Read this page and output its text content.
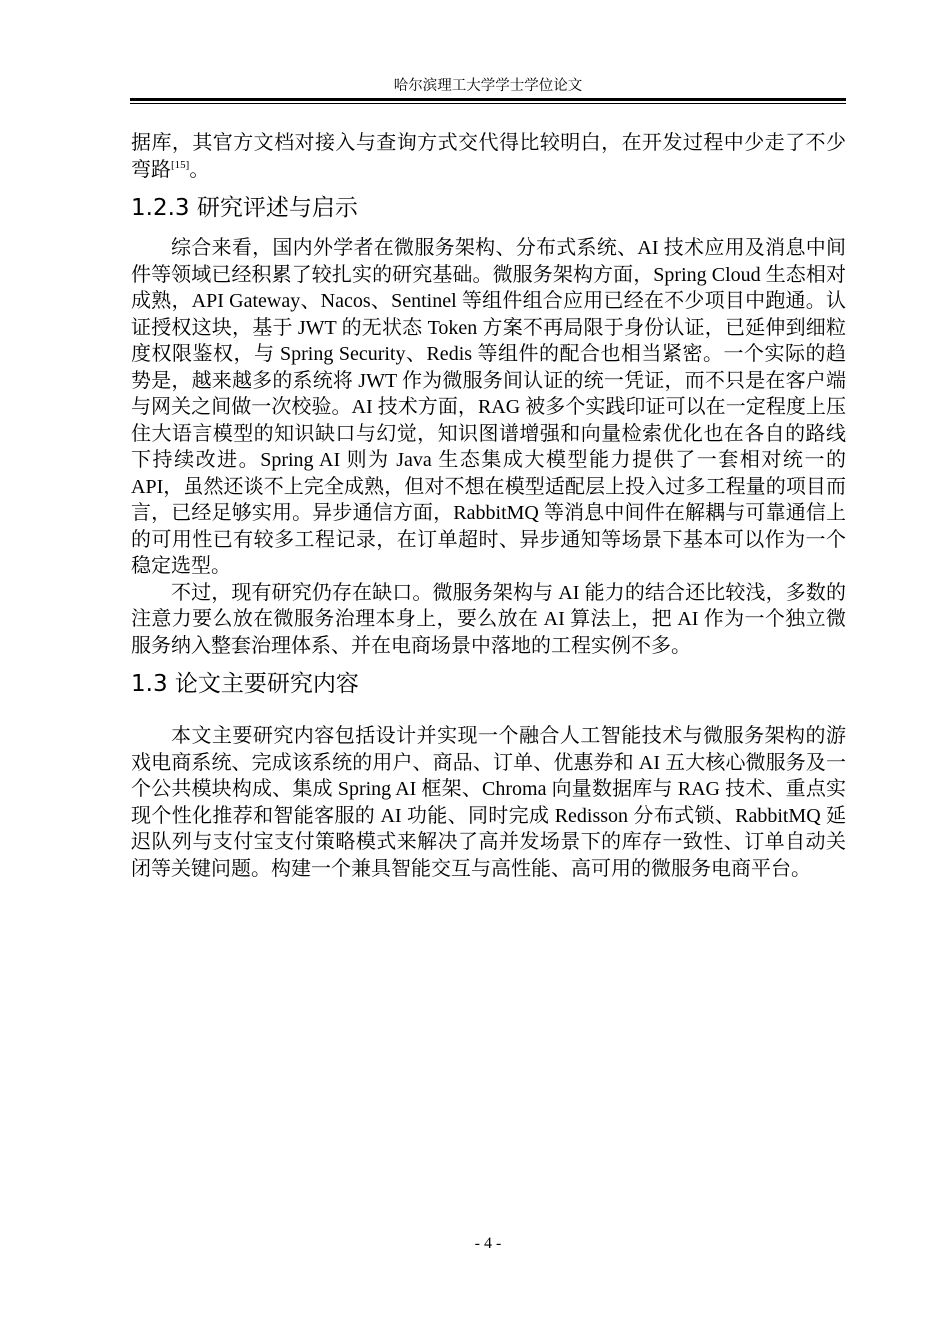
哈尔滨理工大学学士学位论文

据库，其官方文档对接入与查询方式交代得比较明白，在开发过程中少走了不少弯路[15]。

1.2.3 研究评述与启示

综合来看，国内外学者在微服务架构、分布式系统、AI 技术应用及消息中间件等领域已经积累了较扎实的研究基础。微服务架构方面，Spring Cloud 生态相对成熟，API Gateway、Nacos、Sentinel 等组件组合应用已经在不少项目中跑通。认证授权这块，基于 JWT 的无状态 Token 方案不再局限于身份认证，已延伸到细粒度权限鉴权，与 Spring Security、Redis 等组件的配合也相当紧密。一个实际的趋势是，越来越多的系统将 JWT 作为微服务间认证的统一凭证，而不只是在客户端与网关之间做一次校验。AI 技术方面，RAG 被多个实践印证可以在一定程度上压住大语言模型的知识缺口与幻觉，知识图谱增强和向量检索优化也在各自的路线下持续改进。Spring AI 则为 Java 生态集成大模型能力提供了一套相对统一的 API，虽然还谈不上完全成熟，但对不想在模型适配层上投入过多工程量的项目而言，已经足够实用。异步通信方面，RabbitMQ 等消息中间件在解耦与可靠通信上的可用性已有较多工程记录，在订单超时、异步通知等场景下基本可以作为一个稳定选型。

不过，现有研究仍存在缺口。微服务架构与 AI 能力的结合还比较浅，多数的注意力要么放在微服务治理本身上，要么放在 AI 算法上，把 AI 作为一个独立微服务纳入整套治理体系、并在电商场景中落地的工程实例不多。

1.3 论文主要研究内容

本文主要研究内容包括设计并实现一个融合人工智能技术与微服务架构的游戏电商系统、完成该系统的用户、商品、订单、优惠券和 AI 五大核心微服务及一个公共模块构成、集成 Spring AI 框架、Chroma 向量数据库与 RAG 技术、重点实现个性化推荐和智能客服的 AI 功能、同时完成 Redisson 分布式锁、RabbitMQ 延迟队列与支付宝支付策略模式来解决了高并发场景下的库存一致性、订单自动关闭等关键问题。构建一个兼具智能交互与高性能、高可用的微服务电商平台。

- 4 -
